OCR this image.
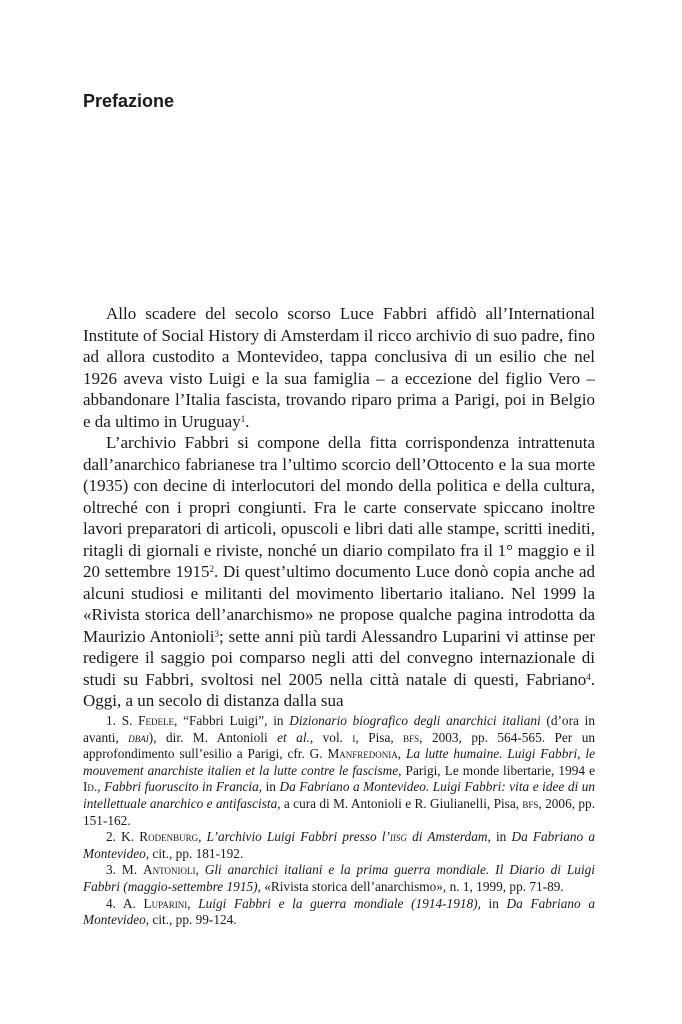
Prefazione

Allo scadere del secolo scorso Luce Fabbri affidò all’International Institute of Social History di Amsterdam il ricco archivio di suo padre, fino ad allora custodito a Montevideo, tappa conclusiva di un esilio che nel 1926 aveva visto Luigi e la sua famiglia – a eccezione del figlio Vero – abbandonare l’Italia fascista, trovando riparo prima a Parigi, poi in Belgio e da ultimo in Uruguay$^1$.

L’archivio Fabbri si compone della fitta corrispondenza intrattenuta dall’anarchico fabrianese tra l’ultimo scorcio dell’Ottocento e la sua morte (1935) con decine di interlocutori del mondo della politica e della cultura, oltreché con i propri congiunti. Fra le carte conservate spiccano inoltre lavori preparatori di articoli, opuscoli e libri dati alle stampe, scritti inediti, ritagli di giornali e riviste, nonché un diario compilato fra il 1° maggio e il 20 settembre 1915$^2$. Di quest’ultimo documento Luce donò copia anche ad alcuni studiosi e militanti del movimento libertario italiano. Nel 1999 la «Rivista storica dell’anarchismo» ne propose qualche pagina introdotta da Maurizio Antonioli$^3$; sette anni più tardi Alessandro Luparini vi attinse per redigere il saggio poi comparso negli atti del convegno internazionale di studi su Fabbri, svoltosi nel 2005 nella città natale di questi, Fabriano$^4$. Oggi, a un secolo di distanza dalla sua

1. S. Fedele, “Fabbri Luigi”, in Dizionario biografico degli anarchici italiani (d’ora in avanti, dbai), dir. M. Antonioli et al., vol. i, Pisa, bfs, 2003, pp. 564-565. Per un approfondimento sull’esilio a Parigi, cfr. G. Manfredonia, La lutte humaine. Luigi Fabbri, le mouvement anarchiste italien et la lutte contre le fascisme, Parigi, Le monde libertarie, 1994 e Id., Fabbri fuoruscito in Francia, in Da Fabriano a Montevideo. Luigi Fabbri: vita e idee di un intellettuale anarchico e antifascista, a cura di M. Antonioli e R. Giulianelli, Pisa, bfs, 2006, pp. 151-162.

2. K. Rodenburg, L’archivio Luigi Fabbri presso l’iisg di Amsterdam, in Da Fabriano a Montevideo, cit., pp. 181-192.

3. M. Antonioli, Gli anarchici italiani e la prima guerra mondiale. Il Diario di Luigi Fabbri (maggio-settembre 1915), «Rivista storica dell’anarchismo», n. 1, 1999, pp. 71-89.

4. A. Luparini, Luigi Fabbri e la guerra mondiale (1914-1918), in Da Fabriano a Montevideo, cit., pp. 99-124.
